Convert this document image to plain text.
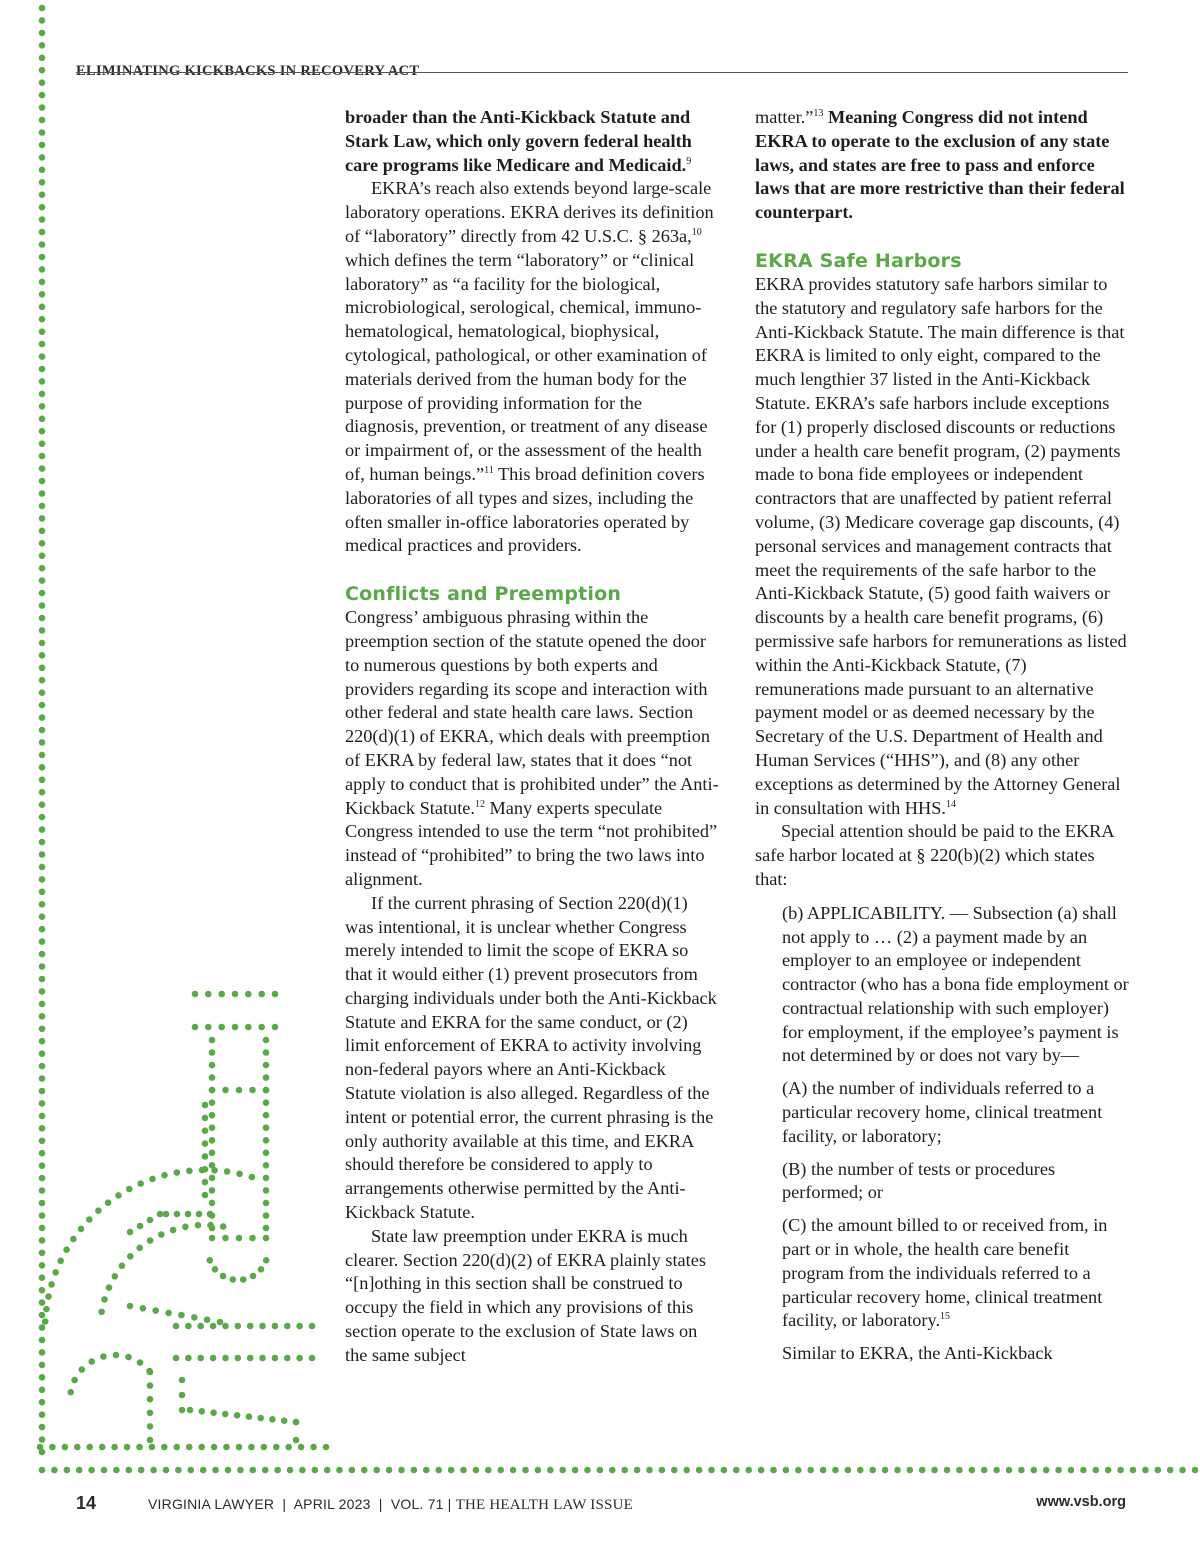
ELIMINATING KICKBACKS IN RECOVERY ACT

broader than the Anti-Kickback Statute and Stark Law, which only govern federal health care programs like Medicare and Medicaid.$^9$

EKRA’s reach also extends beyond large-scale laboratory operations. EKRA derives its definition of “laboratory” directly from 42 U.S.C. § 263a,$^{10}$ which defines the term “laboratory” or “clinical laboratory” as “a facility for the biological, microbiological, serological, chemical, immuno-hematological, hematological, biophysical, cytological, pathological, or other examination of materials derived from the human body for the purpose of providing information for the diagnosis, prevention, or treatment of any disease or impairment of, or the assessment of the health of, human beings.”$^{11}$ This broad definition covers laboratories of all types and sizes, including the often smaller in-office laboratories operated by medical practices and providers.

Conflicts and Preemption

Congress’ ambiguous phrasing within the preemption section of the statute opened the door to numerous questions by both experts and providers regarding its scope and interaction with other federal and state health care laws. Section 220(d)(1) of EKRA, which deals with preemption of EKRA by federal law, states that it does “not apply to conduct that is prohibited under” the Anti-Kickback Statute.$^{12}$ Many experts speculate Congress intended to use the term “not prohibited” instead of “prohibited” to bring the two laws into alignment.

If the current phrasing of Section 220(d)(1) was intentional, it is unclear whether Congress merely intended to limit the scope of EKRA so that it would either (1) prevent prosecutors from charging individuals under both the Anti-Kickback Statute and EKRA for the same conduct, or (2) limit enforcement of EKRA to activity involving non-federal payors where an Anti-Kickback Statute violation is also alleged. Regardless of the intent or potential error, the current phrasing is the only authority available at this time, and EKRA should therefore be considered to apply to arrangements otherwise permitted by the Anti-Kickback Statute.

State law preemption under EKRA is much clearer. Section 220(d)(2) of EKRA plainly states “[n]othing in this section shall be construed to occupy the field in which any provisions of this section operate to the exclusion of State laws on the same subject

matter.”$^{13}$ Meaning Congress did not intend EKRA to operate to the exclusion of any state laws, and states are free to pass and enforce laws that are more restrictive than their federal counterpart.

EKRA Safe Harbors

EKRA provides statutory safe harbors similar to the statutory and regulatory safe harbors for the Anti-Kickback Statute. The main difference is that EKRA is limited to only eight, compared to the much lengthier 37 listed in the Anti-Kickback Statute. EKRA’s safe harbors include exceptions for (1) properly disclosed discounts or reductions under a health care benefit program, (2) payments made to bona fide employees or independent contractors that are unaffected by patient referral volume, (3) Medicare coverage gap discounts, (4) personal services and management contracts that meet the requirements of the safe harbor to the Anti-Kickback Statute, (5) good faith waivers or discounts by a health care benefit programs, (6) permissive safe harbors for remunerations as listed within the Anti-Kickback Statute, (7) remunerations made pursuant to an alternative payment model or as deemed necessary by the Secretary of the U.S. Department of Health and Human Services (“HHS”), and (8) any other exceptions as determined by the Attorney General in consultation with HHS.$^{14}$

Special attention should be paid to the EKRA safe harbor located at § 220(b)(2) which states that:

(b) APPLICABILITY. — Subsection (a) shall not apply to … (2) a payment made by an employer to an employee or independent contractor (who has a bona fide employment or contractual relationship with such employer) for employment, if the employee’s payment is not determined by or does not vary by—

(A) the number of individuals referred to a particular recovery home, clinical treatment facility, or laboratory;

(B) the number of tests or procedures performed; or

(C) the amount billed to or received from, in part or in whole, the health care benefit program from the individuals referred to a particular recovery home, clinical treatment facility, or laboratory.$^{15}$

Similar to EKRA, the Anti-Kickback

14	VIRGINIA LAWYER  |  APRIL 2023  |  VOL. 71 | THE HEALTH LAW ISSUE	www.vsb.org
